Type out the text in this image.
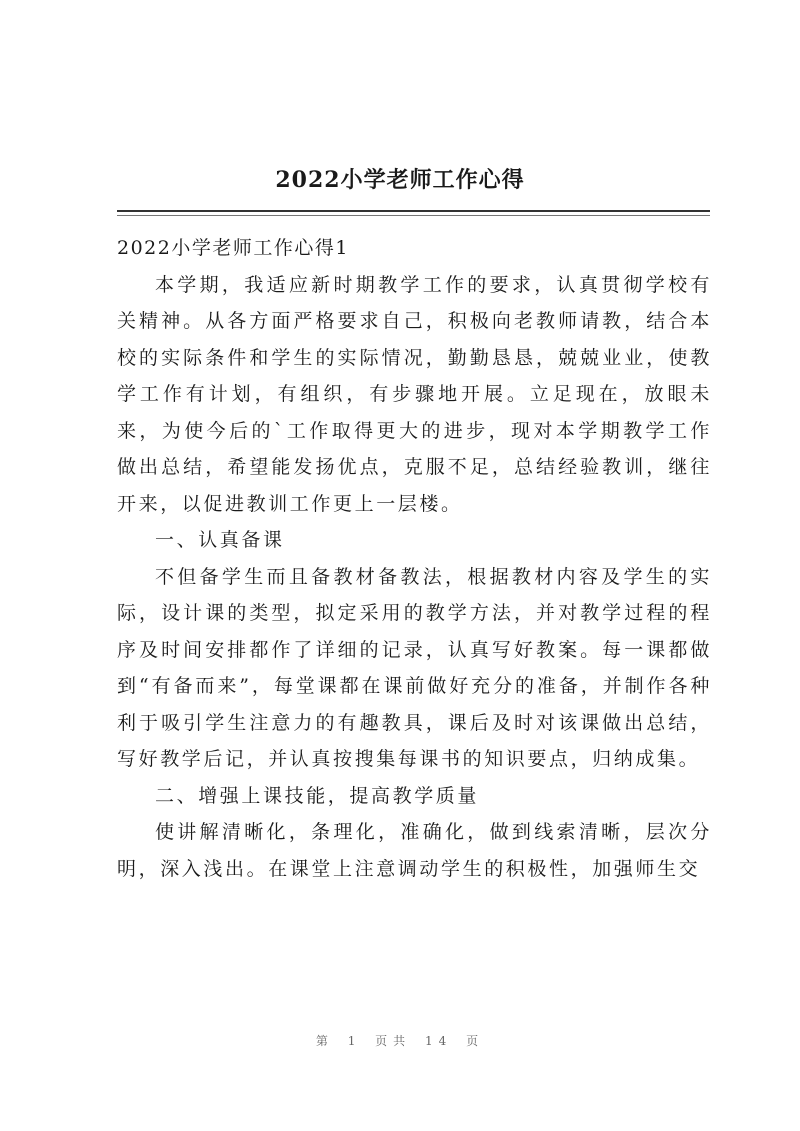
2022小学老师工作心得

2022小学老师工作心得1

本学期，我适应新时期教学工作的要求，认真贯彻学校有关精神。从各方面严格要求自己，积极向老教师请教，结合本校的实际条件和学生的实际情况，勤勤恳恳，兢兢业业，使教学工作有计划，有组织，有步骤地开展。立足现在，放眼未来，为使今后的`工作取得更大的进步，现对本学期教学工作做出总结，希望能发扬优点，克服不足，总结经验教训，继往开来，以促进教训工作更上一层楼。

一、认真备课

不但备学生而且备教材备教法，根据教材内容及学生的实际，设计课的类型，拟定采用的教学方法，并对教学过程的程序及时间安排都作了详细的记录，认真写好教案。每一课都做到“有备而来”，每堂课都在课前做好充分的准备，并制作各种利于吸引学生注意力的有趣教具，课后及时对该课做出总结，写好教学后记，并认真按搜集每课书的知识要点，归纳成集。

二、增强上课技能，提高教学质量

使讲解清晰化，条理化，准确化，做到线索清晰，层次分明，深入浅出。在课堂上注意调动学生的积极性，加强师生交

第 1 页共 14 页
